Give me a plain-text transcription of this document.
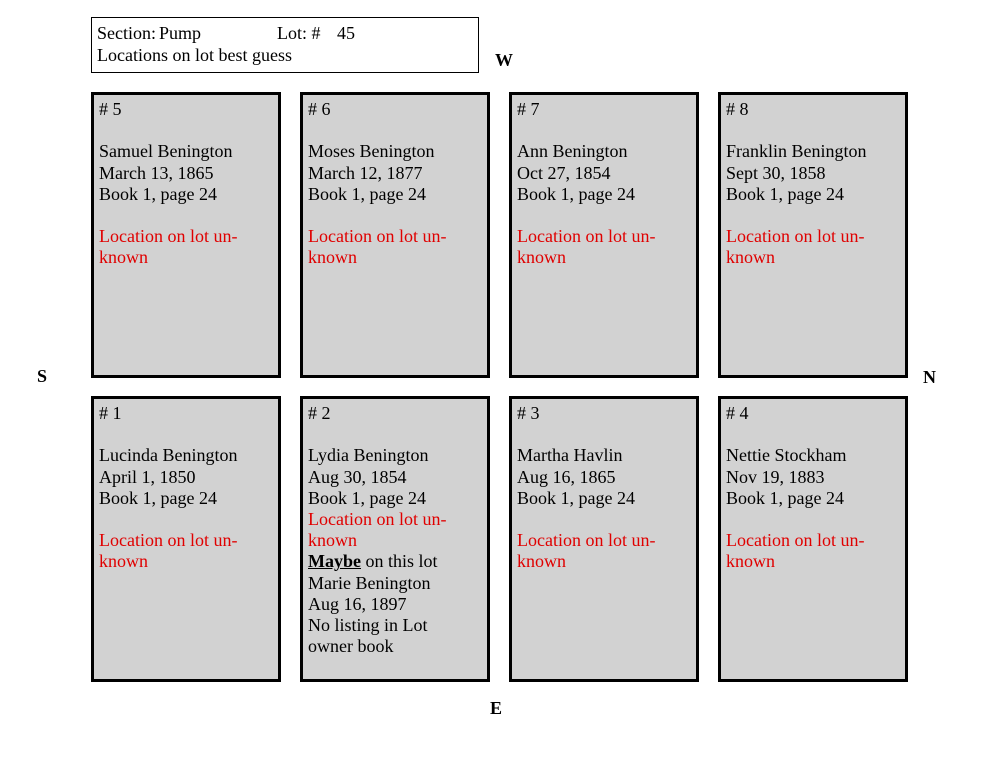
Section: Pump	Lot: # 45
Locations on lot best guess	W
E
S	N
# 5
Samuel Benington
March 13, 1865
Book 1, page 24
Location on lot un-
known
# 6
Moses Benington
March 12, 1877
Book 1, page 24
Location on lot un-
known
# 7
Ann Benington
Oct 27, 1854
Book 1, page 24
Location on lot un-
known
# 8
Franklin Benington
Sept 30, 1858
Book 1, page 24
Location on lot un-
known
# 1
Lucinda Benington
April 1, 1850
Book 1, page 24
Location on lot un-
known
# 2
Lydia Benington
Aug 30, 1854
Book 1, page 24
Location on lot un-
known
Maybe on this lot
Marie Benington
Aug 16, 1897
No listing in Lot
owner book
# 3
Martha Havlin
Aug 16, 1865
Book 1, page 24
Location on lot un-
known
# 4
Nettie Stockham
Nov 19, 1883
Book 1, page 24
Location on lot un-
known
